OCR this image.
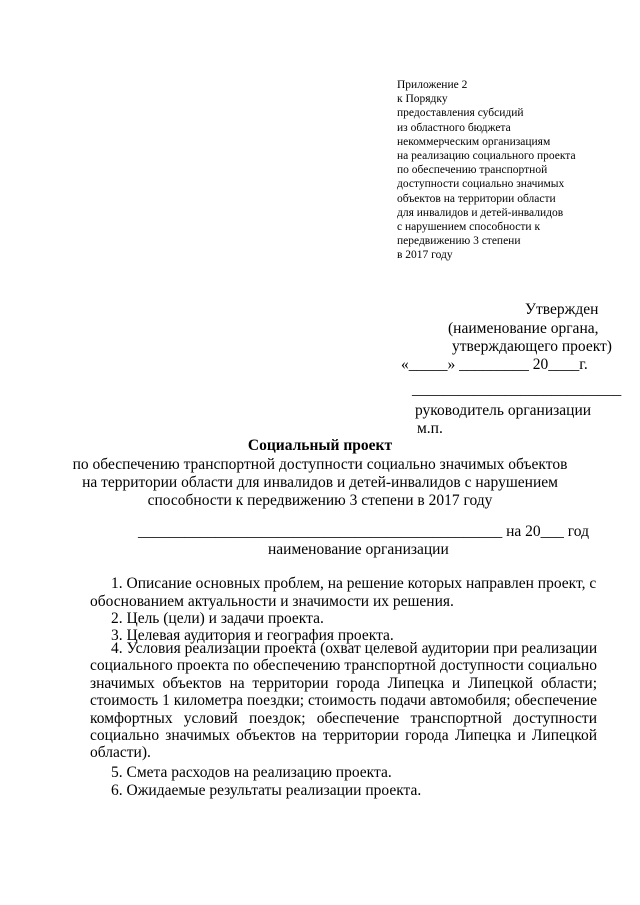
Приложение 2
к Порядку
предоставления субсидий
из областного бюджета
некоммерческим организациям
на реализацию социального проекта
по обеспечению транспортной
доступности социально значимых
объектов на территории области
для инвалидов и детей-инвалидов
с нарушением способности к
передвижению 3 степени
в 2017 году
Утвержден
(наименование органа,
утверждающего проект)
«_____» _________ 20____г.
___________________________
руководитель организации
м.п.
Социальный проект
по обеспечению транспортной доступности социально значимых объектов
на территории области для инвалидов и детей-инвалидов с нарушением
способности к передвижению 3 степени в 2017 году
_______________________________________________ на 20___ год
наименование организации
1. Описание основных проблем, на решение которых направлен проект, с
обоснованием актуальности и значимости их решения.
2. Цель (цели) и задачи проекта.
3. Целевая аудитория и география проекта.
4. Условия реализации проекта (охват целевой аудитории при реализации
социального проекта по обеспечению транспортной доступности социально
значимых объектов на территории города Липецка и Липецкой области;
стоимость 1 километра поездки; стоимость подачи автомобиля; обеспечение
комфортных условий поездок; обеспечение транспортной доступности
социально значимых объектов на территории города Липецка и Липецкой
области).
5. Смета расходов на реализацию проекта.
6. Ожидаемые результаты реализации проекта.
